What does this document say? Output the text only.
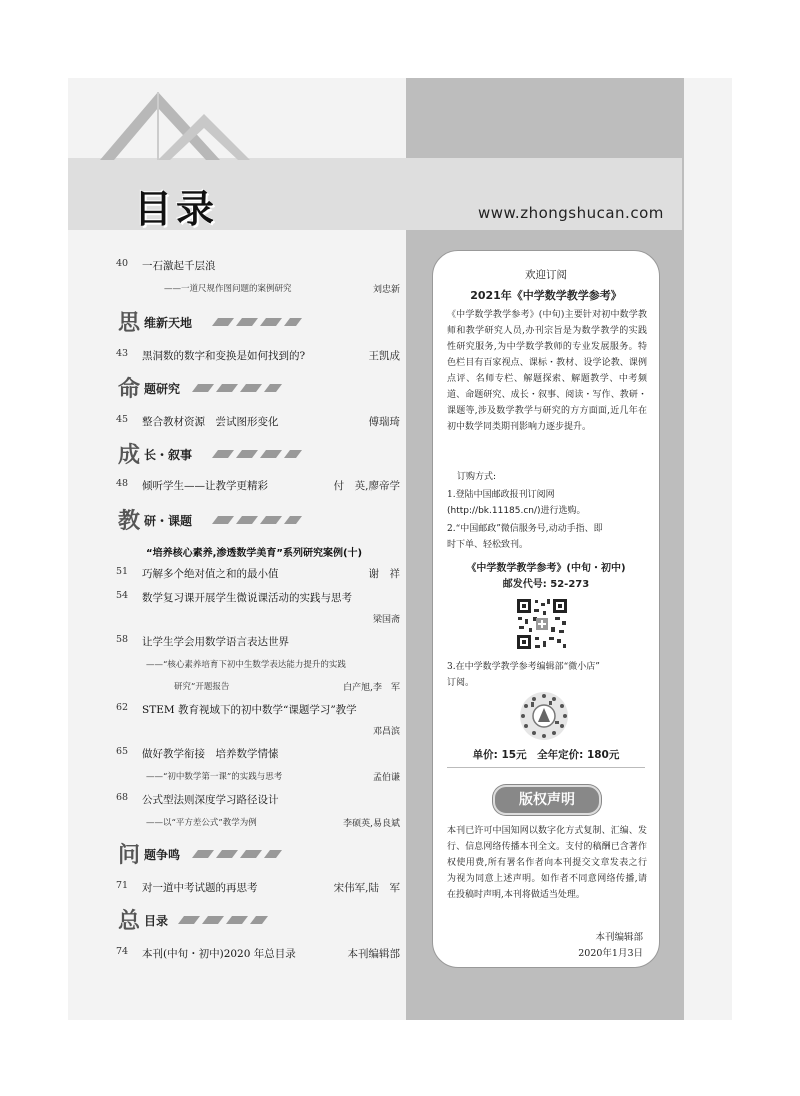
目录	www.zhongshucan.com
40	一石激起千层浪
——一道尺规作图问题的案例研究	刘忠新
思 维新天地
43	黑洞数的数字和变换是如何找到的?	王凯成
命 题研究
45	整合教材资源　尝试图形变化	傅瑞琦
成 长・叙事
48	倾听学生——让教学更精彩	付　英,廖帝学
教 研・课题
“培养核心素养,渗透数学美育”系列研究案例(十)
51	巧解多个绝对值之和的最小值	谢　祥
54	数学复习课开展学生微说课活动的实践与思考
梁国斋
58	让学生学会用数学语言表达世界
——“核心素养培育下初中生数学表达能力提升的实践
研究”开题报告	白产旭,李　军
62	STEM 教育视域下的初中数学“课题学习”教学
邓昌滨
65	做好教学衔接　培养数学情愫
——“初中数学第一课”的实践与思考	孟伯谦
68	公式型法则深度学习路径设计
——以“平方差公式”教学为例	李硕英,易良斌
问 题争鸣
71	对一道中考试题的再思考	宋伟军,陆　军
总 目录
74	本刊(中旬・初中)2020 年总目录	本刊编辑部
欢迎订阅
2021年《中学数学教学参考》
《中学数学教学参考》(中旬)主要针对初中数学教师和教学研究人员,办刊宗旨是为数学教学的实践性研究服务,为中学数学教师的专业发展服务。特色栏目有百家视点、课标・教材、设学论教、课例点评、名师专栏、解题探索、解题教学、中考频道、命题研究、成长・叙事、阅读・写作、教研・课题等,涉及数学教学与研究的方方面面,近几年在初中数学同类期刊影响力逐步提升。
订购方式:
1.登陆中国邮政报刊订阅网
(http://bk.11185.cn/)进行选购。
2.“中国邮政”微信服务号,动动手指、即
时下单、轻松致刊。
《中学数学教学参考》(中旬・初中)
邮发代号: 52-273
3.在中学数学教学参考编辑部“微小店”
订阅。
单价: 15元　全年定价: 180元
版权声明
本刊已许可中国知网以数字化方式复制、汇编、发行、信息网络传播本刊全文。支付的稿酬已含著作权使用费,所有署名作者向本刊提交文章发表之行为视为同意上述声明。如作者不同意网络传播,请在投稿时声明,本刊将做适当处理。
本刊编辑部
2020年1月3日
